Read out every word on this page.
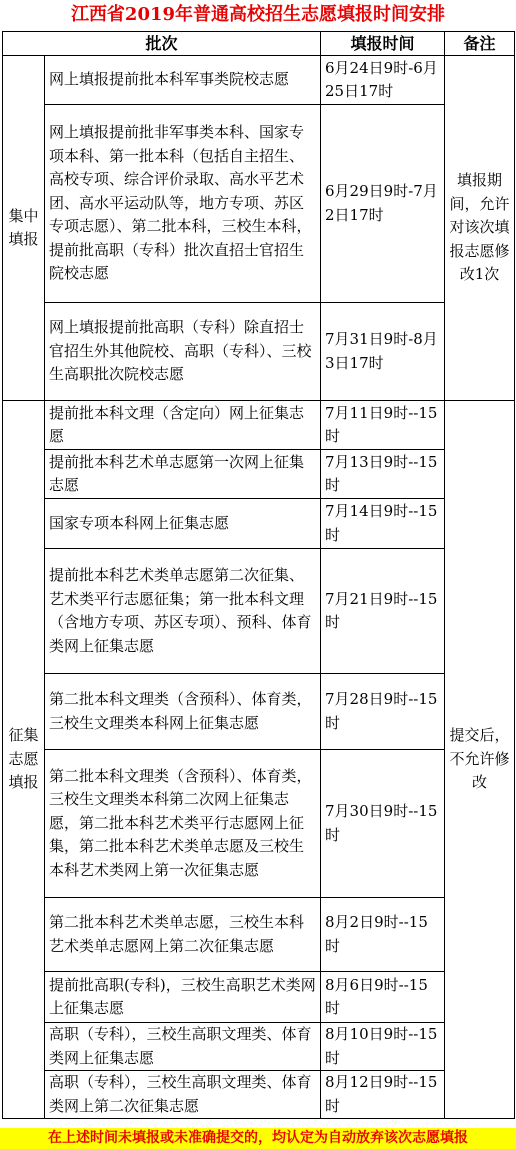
江西省2019年普通高校招生志愿填报时间安排
批次		填报时间	备注
集中填报	网上填报提前批本科军事类院校志愿	6月24日9时-6月25日17时	填报期间，允许对该次填报志愿修改1次
	网上填报提前批非军事类本科、国家专项本科、第一批本科（包括自主招生、高校专项、综合评价录取、高水平艺术团、高水平运动队等，地方专项、苏区专项志愿）、第二批本科，三校生本科，提前批高职（专科）批次直招士官招生院校志愿	6月29日9时-7月2日17时	
	网上填报提前批高职（专科）除直招士官招生外其他院校、高职（专科）、三校生高职批次院校志愿	7月31日9时-8月3日17时	
征集志愿填报	提前批本科文理（含定向）网上征集志愿	7月11日9时--15时	提交后，不允许修改
	提前批本科艺术单志愿第一次网上征集志愿	7月13日9时--15时	
	国家专项本科网上征集志愿	7月14日9时--15时	
	提前批本科艺术类单志愿第二次征集、艺术类平行志愿征集；第一批本科文理（含地方专项、苏区专项）、预科、体育类网上征集志愿	7月21日9时--15时	
	第二批本科文理类（含预科）、体育类，三校生文理类本科网上征集志愿	7月28日9时--15时	
	第二批本科文理类（含预科）、体育类，三校生文理类本科第二次网上征集志愿，第二批本科艺术类平行志愿网上征集，第二批本科艺术类单志愿及三校生本科艺术类网上第一次征集志愿	7月30日9时--15时	
	第二批本科艺术类单志愿，三校生本科艺术类单志愿网上第二次征集志愿	8月2日9时--15时	
	提前批高职(专科)，三校生高职艺术类网上征集志愿	8月6日9时--15时	
	高职（专科），三校生高职文理类、体育类网上征集志愿	8月10日9时--15时	
	高职（专科），三校生高职文理类、体育类网上第二次征集志愿	8月12日9时--15时	
在上述时间未填报或未准确提交的，均认定为自动放弃该次志愿填报
